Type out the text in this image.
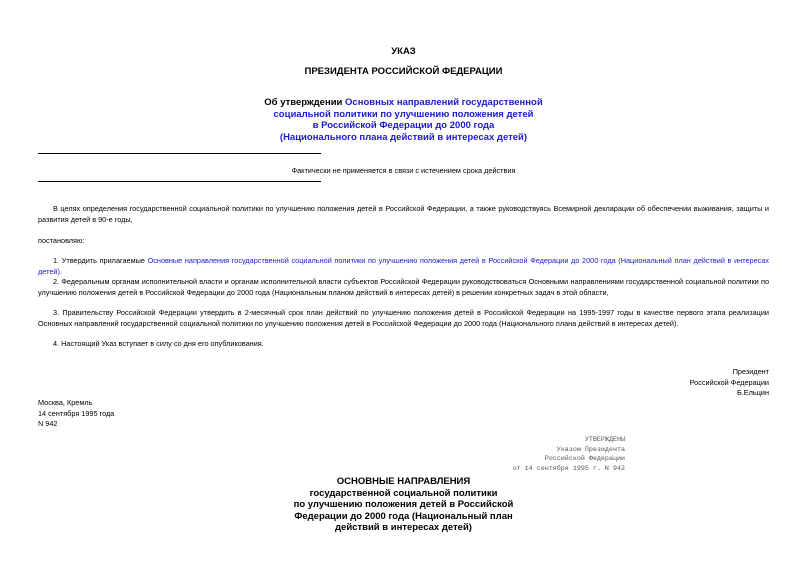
УКАЗ
ПРЕЗИДЕНТА РОССИЙСКОЙ ФЕДЕРАЦИИ
Об утверждении Основных направлений государственной
социальной политики по улучшению положения детей
в Российской Федерации до 2000 года
(Национального плана действий в интересах детей)
Фактически не применяется в связи с истечением срока действия
В целях определения государственной социальной политики по улучшению положения детей в Российской Федерации, а также руководствуясь Всемирной декларации об обеспечении выживания, защиты и развития детей в 90-е годы,
постановляю:
1. Утвердить прилагаемые Основные направления государственной социальной политики по улучшению положения детей в Российской Федерации до 2000 года (Национальный план действий в интересах детей).
2. Федеральным органам исполнительной власти и органам исполнительной власти субъектов Российской Федерации руководствоваться Основными направлениями государственной социальной политики по улучшению положения детей в Российской Федерации до 2000 года (Национальным планом действий в интересах детей) в решении конкретных задач в этой области,
3. Правительству Российской Федерации утвердить в 2-месячный срок план действий по улучшению положения детей в Российской Федерации на 1995-1997 годы в качестве первого этапа реализации Основных направлений государственной социальной политики по улучшению положения детей в Российской Федерации до 2000 года (Национального плана действий в интересах детей).
4. Настоящий Указ вступает в силу со дня его опубликования.
Президент
Российской Федерации
Б.Ельцин
Москва, Кремль
14 сентября 1995 года
N 942
УТВЕРЖДЕНЫ
Указом Президента
Российской Федерации
от 14 сентября 1995 г. N 942
ОСНОВНЫЕ НАПРАВЛЕНИЯ
государственной социальной политики
по улучшению положения детей в Российской
Федерации до 2000 года (Национальный план
действий в интересах детей)
